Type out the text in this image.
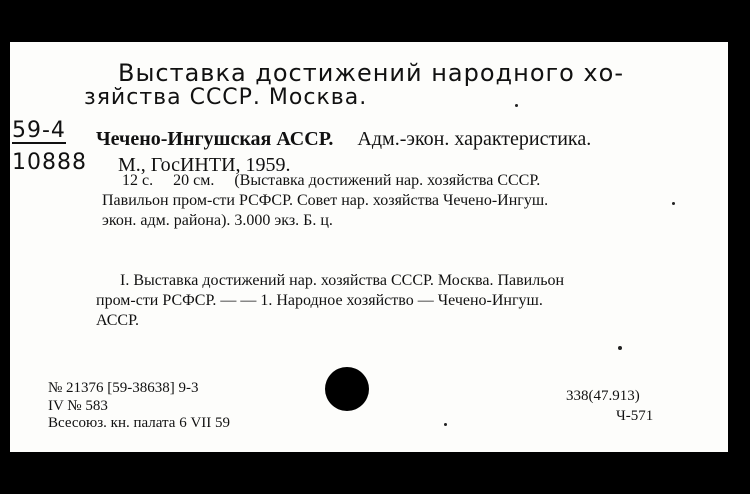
Выставка достижений народного хо-
зяйства СССР. Москва.
59-4
10888
Чечено-Ингушская АССР. Адм.-экон. характеристика.
М., ГосИНТИ, 1959.
12 с.     20 см.     (Выставка достижений нар. хозяйства СССР.
Павильон пром-сти РСФСР. Совет нар. хозяйства Чечено-Ингуш.
экон. адм. района). 3.000 экз. Б. ц.
I. Выставка достижений нар. хозяйства СССР. Москва. Павильон
пром-сти РСФСР. — — 1. Народное хозяйство — Чечено-Ингуш.
АССР.
№ 21376 [59-38638] 9-3
IV № 583
Всесоюз. кн. палата 6 VII 59
338(47.913)
Ч-571
